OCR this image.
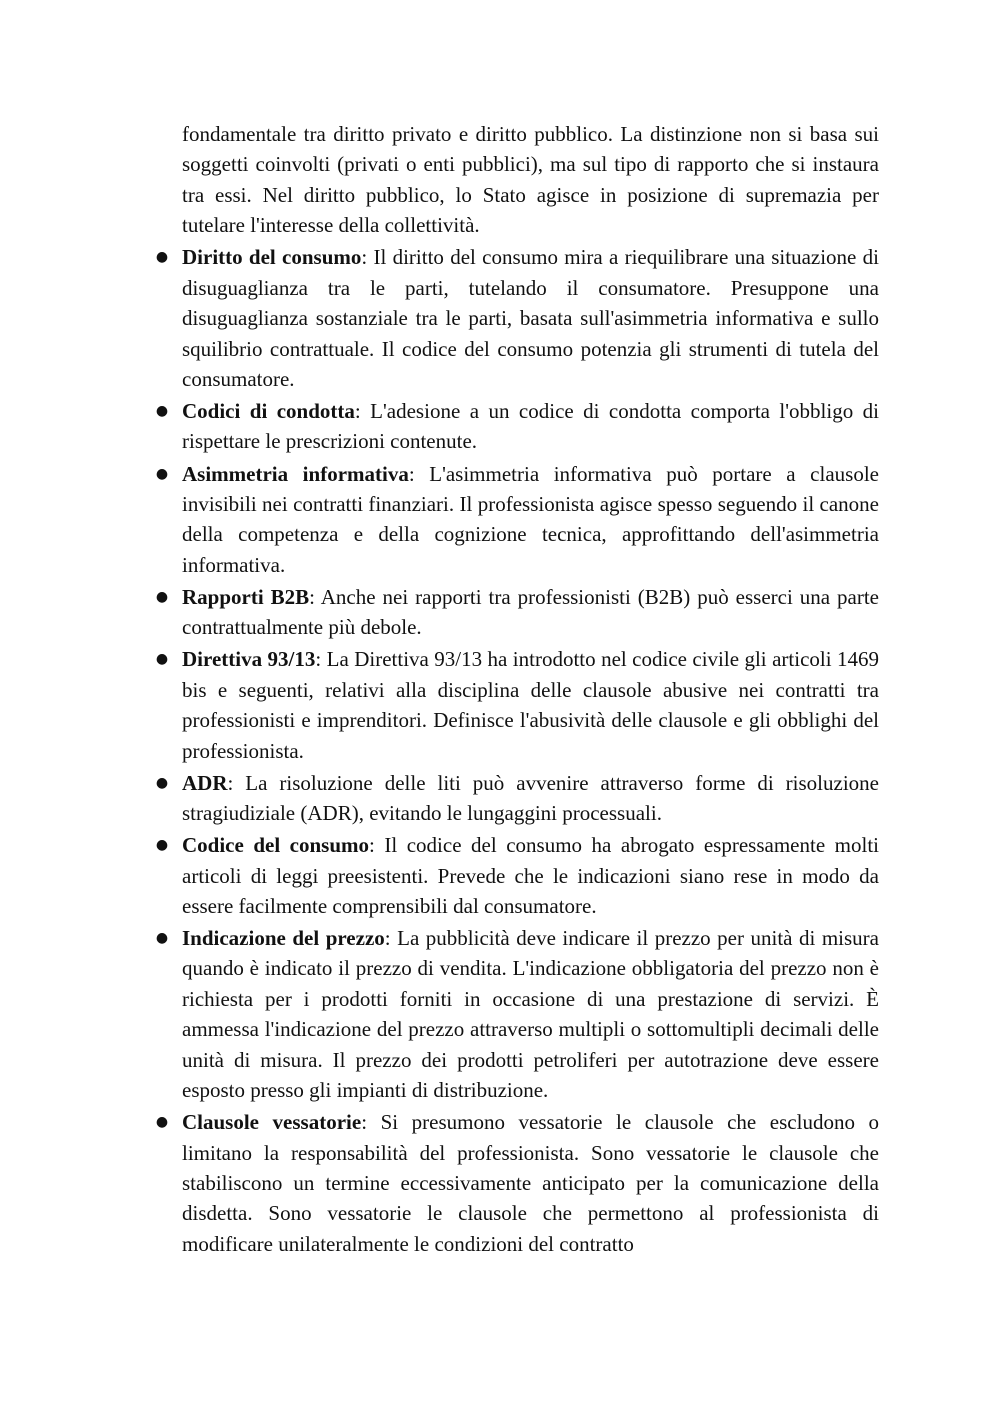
fondamentale tra diritto privato e diritto pubblico. La distinzione non si basa sui soggetti coinvolti (privati o enti pubblici), ma sul tipo di rapporto che si instaura tra essi. Nel diritto pubblico, lo Stato agisce in posizione di supremazia per tutelare l'interesse della collettività.

● Diritto del consumo: Il diritto del consumo mira a riequilibrare una situazione di disuguaglianza tra le parti, tutelando il consumatore. Presuppone una disuguaglianza sostanziale tra le parti, basata sull'asimmetria informativa e sullo squilibrio contrattuale. Il codice del consumo potenzia gli strumenti di tutela del consumatore.
● Codici di condotta: L'adesione a un codice di condotta comporta l'obbligo di rispettare le prescrizioni contenute.
● Asimmetria informativa: L'asimmetria informativa può portare a clausole invisibili nei contratti finanziari. Il professionista agisce spesso seguendo il canone della competenza e della cognizione tecnica, approfittando dell'asimmetria informativa.
● Rapporti B2B: Anche nei rapporti tra professionisti (B2B) può esserci una parte contrattualmente più debole.
● Direttiva 93/13: La Direttiva 93/13 ha introdotto nel codice civile gli articoli 1469 bis e seguenti, relativi alla disciplina delle clausole abusive nei contratti tra professionisti e imprenditori. Definisce l'abusività delle clausole e gli obblighi del professionista.
● ADR: La risoluzione delle liti può avvenire attraverso forme di risoluzione stragiudiziale (ADR), evitando le lungaggini processuali.
● Codice del consumo: Il codice del consumo ha abrogato espressamente molti articoli di leggi preesistenti. Prevede che le indicazioni siano rese in modo da essere facilmente comprensibili dal consumatore.
● Indicazione del prezzo: La pubblicità deve indicare il prezzo per unità di misura quando è indicato il prezzo di vendita. L'indicazione obbligatoria del prezzo non è richiesta per i prodotti forniti in occasione di una prestazione di servizi. È ammessa l'indicazione del prezzo attraverso multipli o sottomultipli decimali delle unità di misura. Il prezzo dei prodotti petroliferi per autotrazione deve essere esposto presso gli impianti di distribuzione.
● Clausole vessatorie: Si presumono vessatorie le clausole che escludono o limitano la responsabilità del professionista. Sono vessatorie le clausole che stabiliscono un termine eccessivamente anticipato per la comunicazione della disdetta. Sono vessatorie le clausole che permettono al professionista di modificare unilateralmente le condizioni del contratto
